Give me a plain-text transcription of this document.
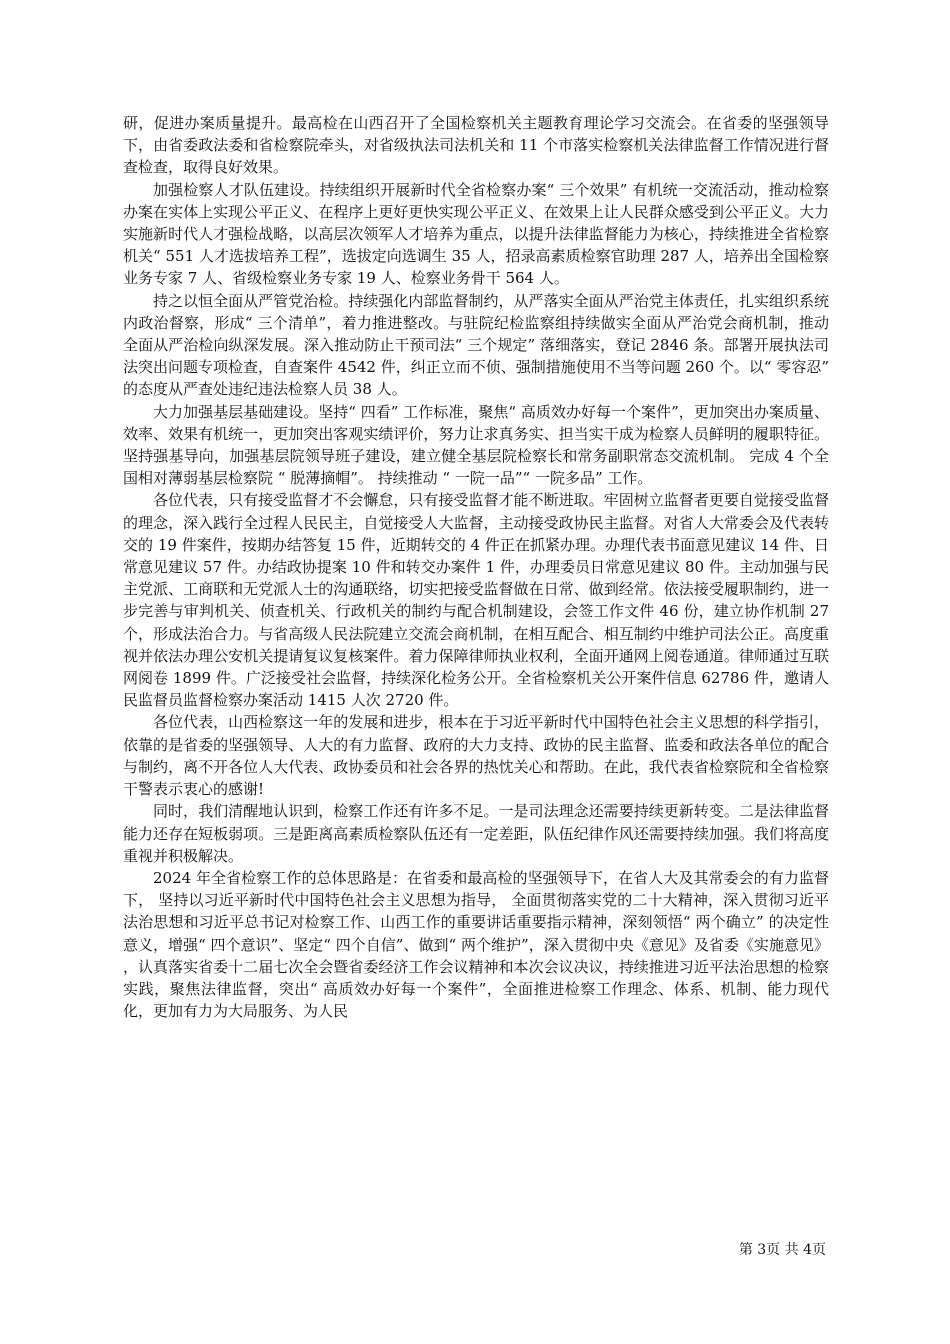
研，促进办案质量提升。最高检在山西召开了全国检察机关主题教育理论学习交流会。在省委的坚强领导下，由省委政法委和省检察院牵头，对省级执法司法机关和 11 个市落实检察机关法律监督工作情况进行督查检查，取得良好效果。

加强检察人才队伍建设。持续组织开展新时代全省检察办案“ 三个效果” 有机统一交流活动，推动检察办案在实体上实现公平正义、在程序上更好更快实现公平正义、在效果上让人民群众感受到公平正义。大力实施新时代人才强检战略，以高层次领军人才培养为重点，以提升法律监督能力为核心，持续推进全省检察机关“ 551 人才选拔培养工程”，选拔定向选调生 35 人，招录高素质检察官助理 287 人，培养出全国检察业务专家 7 人、省级检察业务专家 19 人、检察业务骨干 564 人。

持之以恒全面从严管党治检。持续强化内部监督制约，从严落实全面从严治党主体责任，扎实组织系统内政治督察，形成“ 三个清单”，着力推进整改。与驻院纪检监察组持续做实全面从严治党会商机制，推动全面从严治检向纵深发展。深入推动防止干预司法“ 三个规定” 落细落实，登记 2846 条。部署开展执法司法突出问题专项检查，自查案件 4542 件，纠正立而不侦、强制措施使用不当等问题 260 个。以“ 零容忍” 的态度从严查处违纪违法检察人员 38 人。

大力加强基层基础建设。坚持“ 四看” 工作标准，聚焦“ 高质效办好每一个案件”，更加突出办案质量、效率、效果有机统一，更加突出客观实绩评价，努力让求真务实、担当实干成为检察人员鲜明的履职特征。坚持强基导向，加强基层院领导班子建设，建立健全基层院检察长和常务副职常态交流机制。 完成 4 个全国相对薄弱基层检察院 “ 脱薄摘帽”。 持续推动 “ 一院一品”“ 一院多品” 工作。

各位代表，只有接受监督才不会懈怠，只有接受监督才能不断进取。牢固树立监督者更要自觉接受监督的理念，深入践行全过程人民民主，自觉接受人大监督，主动接受政协民主监督。对省人大常委会及代表转交的 19 件案件，按期办结答复 15 件，近期转交的 4 件正在抓紧办理。办理代表书面意见建议 14 件、日常意见建议 57 件。办结政协提案 10 件和转交办案件 1 件，办理委员日常意见建议 80 件。主动加强与民主党派、工商联和无党派人士的沟通联络，切实把接受监督做在日常、做到经常。依法接受履职制约，进一步完善与审判机关、侦查机关、行政机关的制约与配合机制建设，会签工作文件 46 份，建立协作机制 27 个，形成法治合力。与省高级人民法院建立交流会商机制，在相互配合、相互制约中维护司法公正。高度重视并依法办理公安机关提请复议复核案件。着力保障律师执业权利，全面开通网上阅卷通道。律师通过互联网阅卷 1899 件。广泛接受社会监督，持续深化检务公开。全省检察机关公开案件信息 62786 件，邀请人民监督员监督检察办案活动 1415 人次 2720 件。

各位代表，山西检察这一年的发展和进步，根本在于习近平新时代中国特色社会主义思想的科学指引，依靠的是省委的坚强领导、人大的有力监督、政府的大力支持、政协的民主监督、监委和政法各单位的配合与制约，离不开各位人大代表、政协委员和社会各界的热忱关心和帮助。在此，我代表省检察院和全省检察干警表示衷心的感谢!

同时，我们清醒地认识到，检察工作还有许多不足。一是司法理念还需要持续更新转变。二是法律监督能力还存在短板弱项。三是距离高素质检察队伍还有一定差距，队伍纪律作风还需要持续加强。我们将高度重视并积极解决。

2024 年全省检察工作的总体思路是：在省委和最高检的坚强领导下，在省人大及其常委会的有力监督下， 坚持以习近平新时代中国特色社会主义思想为指导， 全面贯彻落实党的二十大精神，深入贯彻习近平法治思想和习近平总书记对检察工作、山西工作的重要讲话重要指示精神，深刻领悟“ 两个确立” 的决定性意义，增强“ 四个意识”、坚定“ 四个自信”、做到“ 两个维护”，深入贯彻中央《意见》及省委《实施意见》 ，认真落实省委十二届七次全会暨省委经济工作会议精神和本次会议决议，持续推进习近平法治思想的检察实践，聚焦法律监督，突出“ 高质效办好每一个案件”，全面推进检察工作理念、体系、机制、能力现代化，更加有力为大局服务、为人民

第 3页 共 4页
